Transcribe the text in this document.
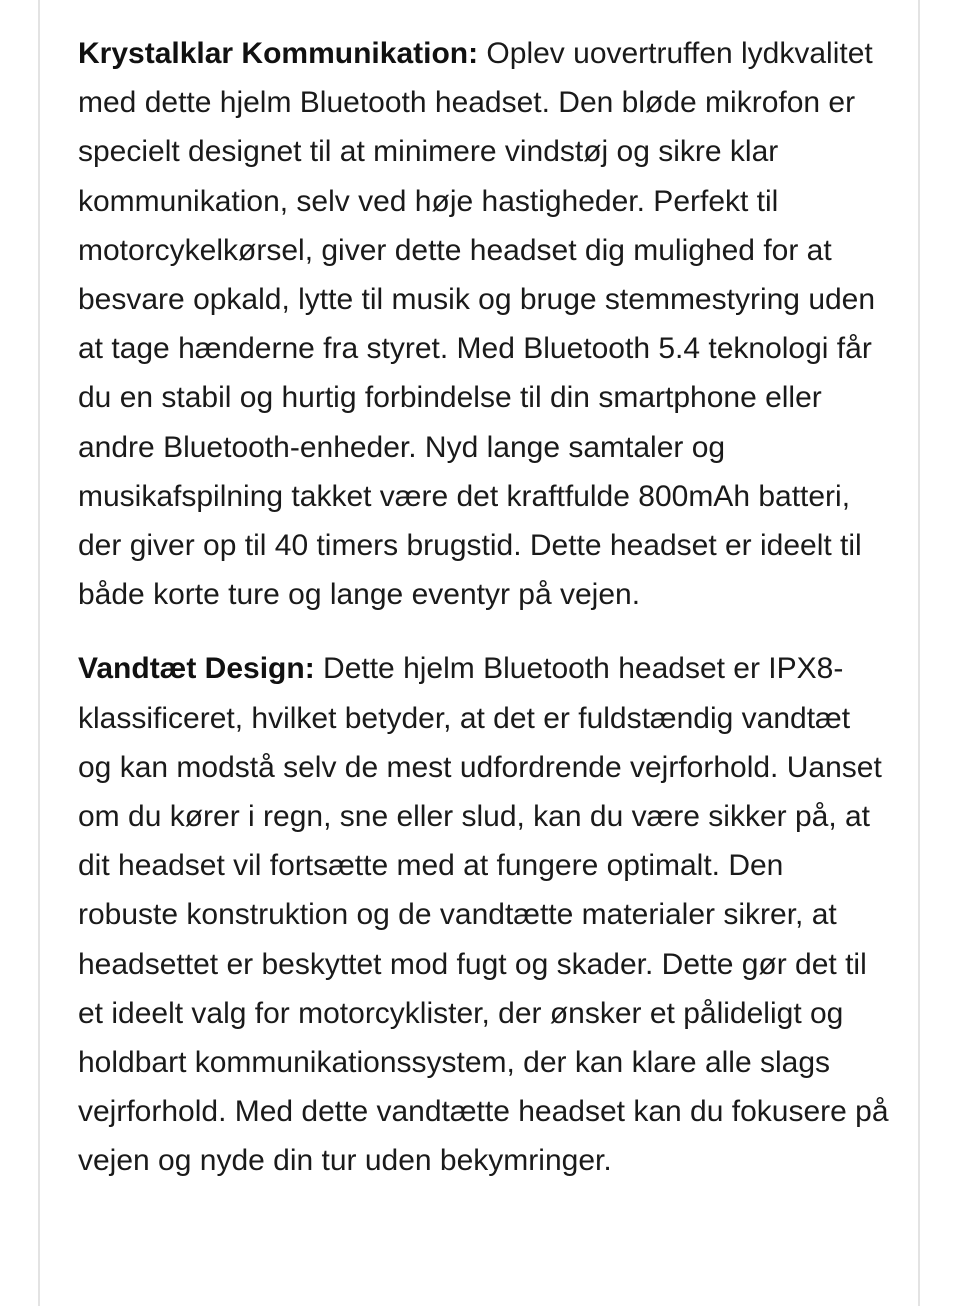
Krystalklar Kommunikation: Oplev uovertruffen lydkvalitet med dette hjelm Bluetooth headset. Den bløde mikrofon er specielt designet til at minimere vindstøj og sikre klar kommunikation, selv ved høje hastigheder. Perfekt til motorcykelkørsel, giver dette headset dig mulighed for at besvare opkald, lytte til musik og bruge stemmestyring uden at tage hænderne fra styret. Med Bluetooth 5.4 teknologi får du en stabil og hurtig forbindelse til din smartphone eller andre Bluetooth-enheder. Nyd lange samtaler og musikafspilning takket være det kraftfulde 800mAh batteri, der giver op til 40 timers brugstid. Dette headset er ideelt til både korte ture og lange eventyr på vejen.

Vandtæt Design: Dette hjelm Bluetooth headset er IPX8-klassificeret, hvilket betyder, at det er fuldstændig vandtæt og kan modstå selv de mest udfordrende vejrforhold. Uanset om du kører i regn, sne eller slud, kan du være sikker på, at dit headset vil fortsætte med at fungere optimalt. Den robuste konstruktion og de vandtætte materialer sikrer, at headsettet er beskyttet mod fugt og skader. Dette gør det til et ideelt valg for motorcyklister, der ønsker et pålideligt og holdbart kommunikationssystem, der kan klare alle slags vejrforhold. Med dette vandtætte headset kan du fokusere på vejen og nyde din tur uden bekymringer.
